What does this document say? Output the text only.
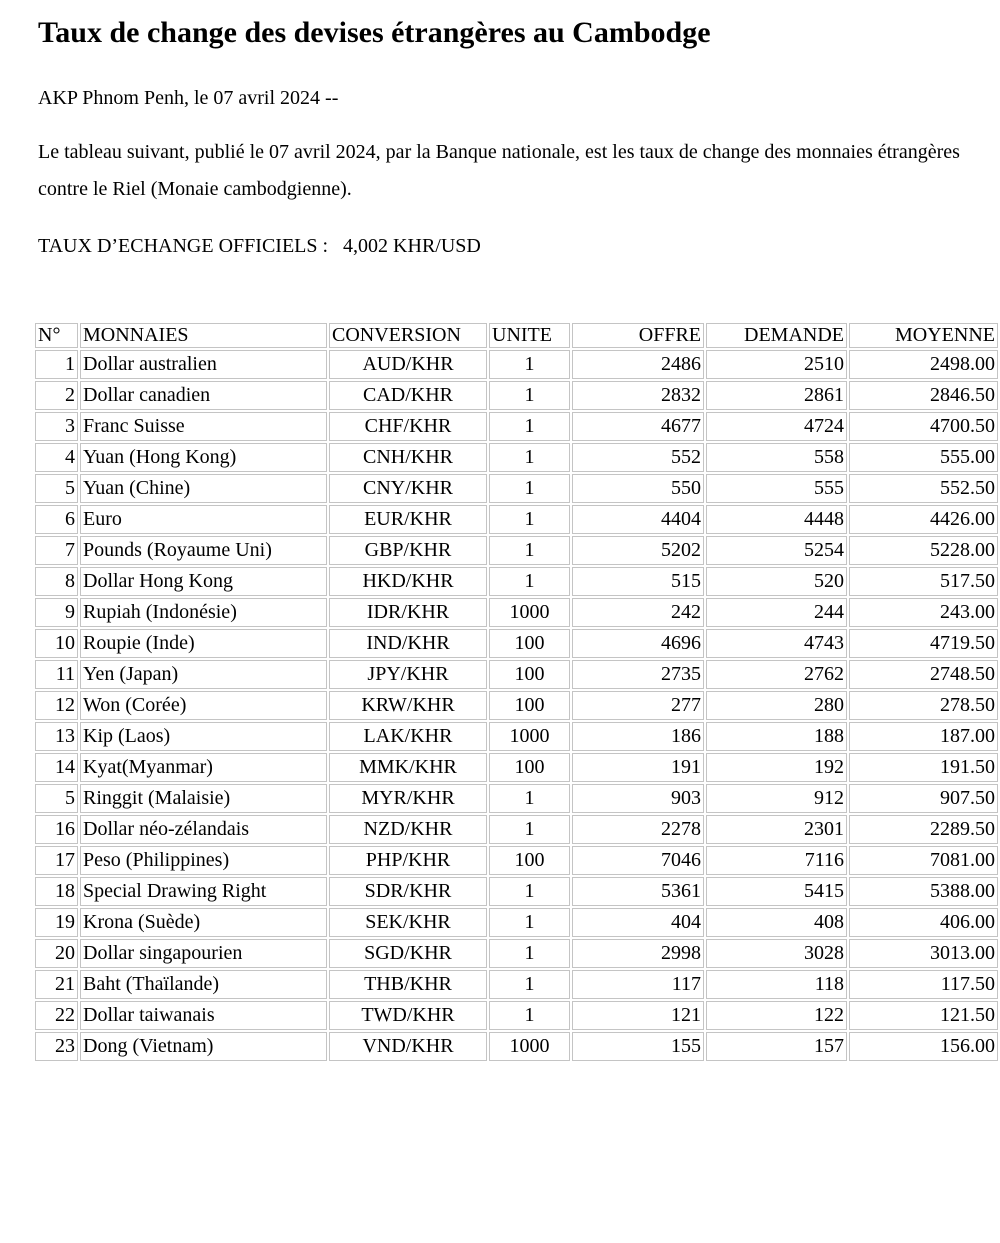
Taux de change des devises étrangères au Cambodge

AKP Phnom Penh, le 07 avril 2024 --

Le tableau suivant, publié le 07 avril 2024, par la Banque nationale, est les taux de change des monnaies étrangères contre le Riel (Monaie cambodgienne).

TAUX D’ECHANGE OFFICIELS :   4,002 KHR/USD

N°	MONNAIES	CONVERSION	UNITE	OFFRE	DEMANDE	MOYENNE
1	Dollar australien	AUD/KHR	1	2486	2510	2498.00
2	Dollar canadien	CAD/KHR	1	2832	2861	2846.50
3	Franc Suisse	CHF/KHR	1	4677	4724	4700.50
4	Yuan (Hong Kong)	CNH/KHR	1	552	558	555.00
5	Yuan (Chine)	CNY/KHR	1	550	555	552.50
6	Euro	EUR/KHR	1	4404	4448	4426.00
7	Pounds (Royaume Uni)	GBP/KHR	1	5202	5254	5228.00
8	Dollar Hong Kong	HKD/KHR	1	515	520	517.50
9	Rupiah (Indonésie)	IDR/KHR	1000	242	244	243.00
10	Roupie (Inde)	IND/KHR	100	4696	4743	4719.50
11	Yen (Japan)	JPY/KHR	100	2735	2762	2748.50
12	Won (Corée)	KRW/KHR	100	277	280	278.50
13	Kip (Laos)	LAK/KHR	1000	186	188	187.00
14	Kyat(Myanmar)	MMK/KHR	100	191	192	191.50
5	Ringgit (Malaisie)	MYR/KHR	1	903	912	907.50
16	Dollar néo-zélandais	NZD/KHR	1	2278	2301	2289.50
17	Peso (Philippines)	PHP/KHR	100	7046	7116	7081.00
18	Special Drawing Right	SDR/KHR	1	5361	5415	5388.00
19	Krona (Suède)	SEK/KHR	1	404	408	406.00
20	Dollar singapourien	SGD/KHR	1	2998	3028	3013.00
21	Baht (Thaïlande)	THB/KHR	1	117	118	117.50
22	Dollar taiwanais	TWD/KHR	1	121	122	121.50
23	Dong (Vietnam)	VND/KHR	1000	155	157	156.00
